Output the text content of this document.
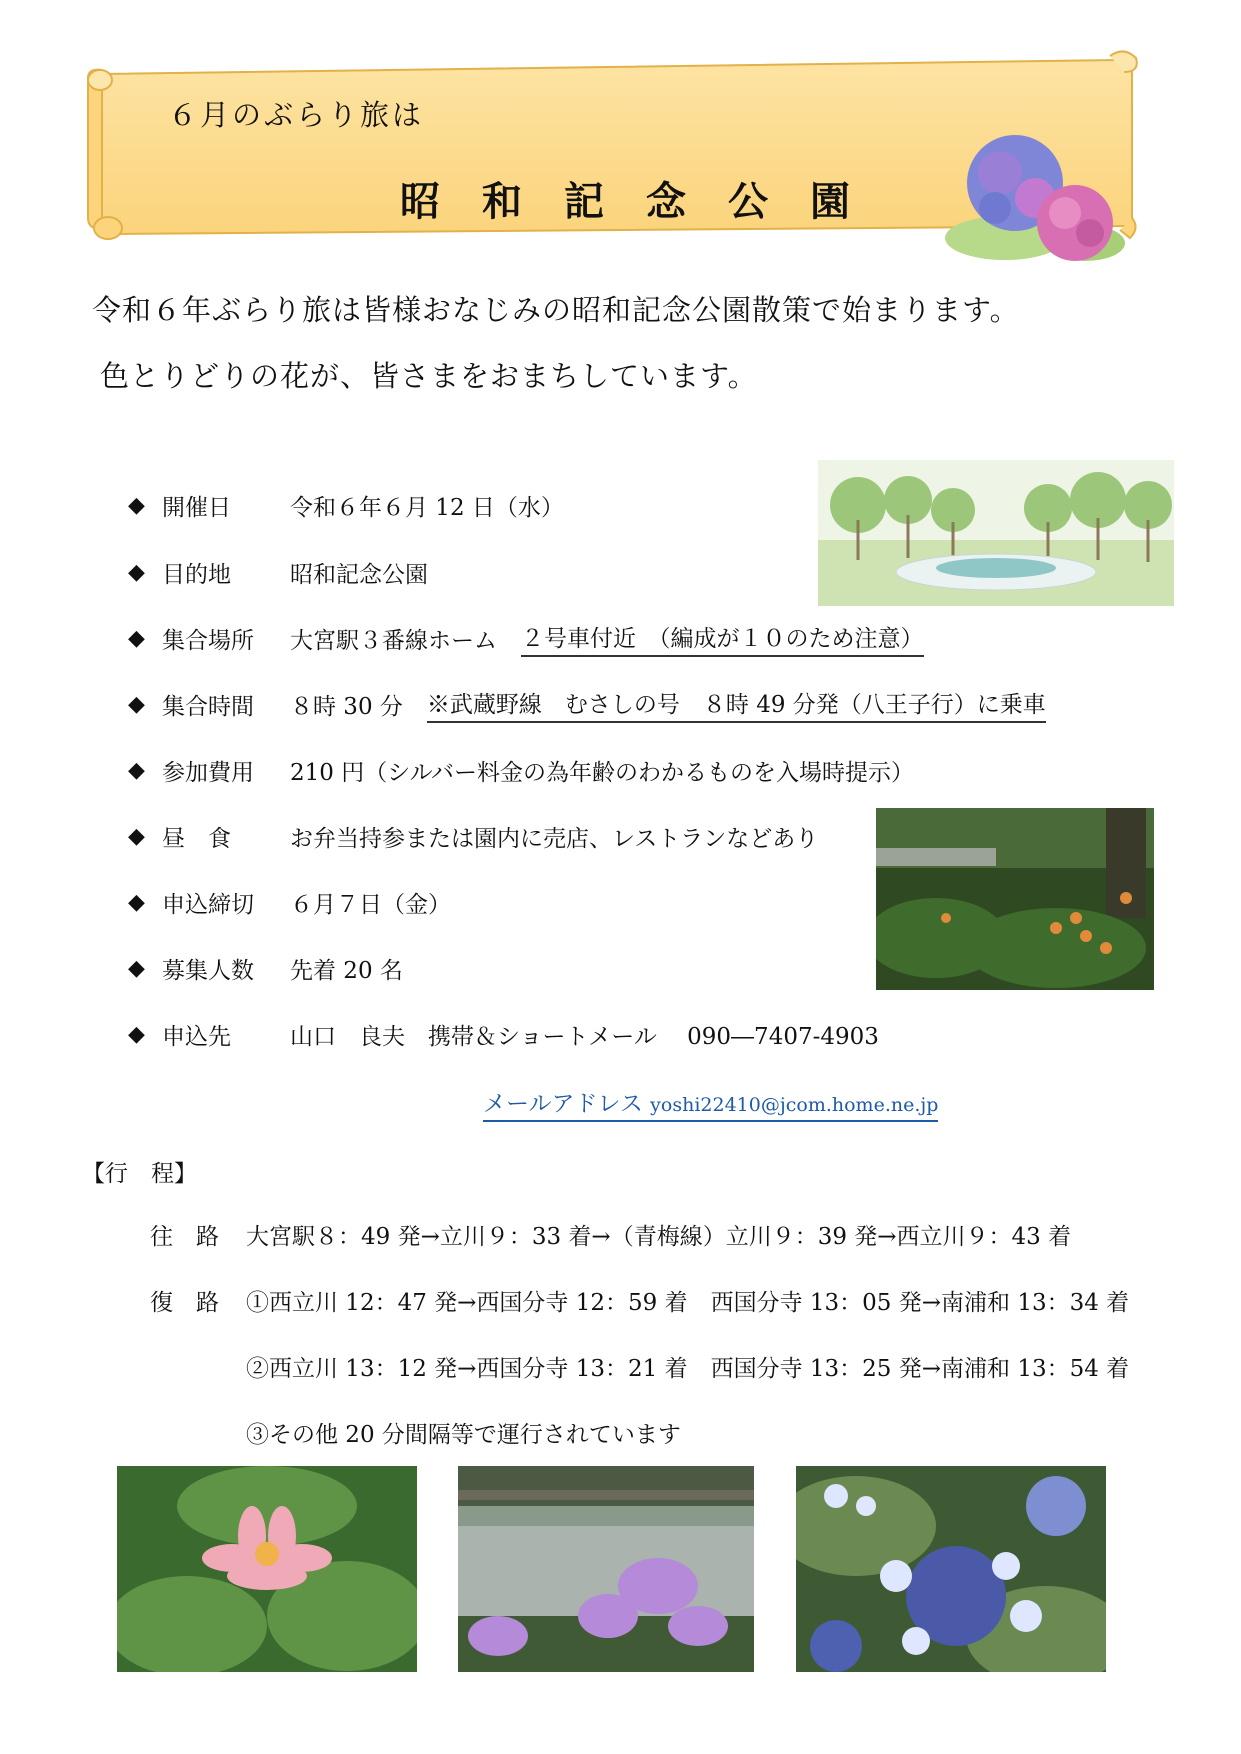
６月のぶらり旅は
昭和記念公園
令和６年ぶらり旅は皆様おなじみの昭和記念公園散策で始まります。
色とりどりの花が、皆さまをおまちしています。
◆ 開催日	令和６年６月 12 日（水）
◆ 目的地	昭和記念公園
◆ 集合場所	大宮駅３番線ホーム ２号車付近　（編成が１０のため注意）
◆ 集合時間	８時 30 分 ※武蔵野線　むさしの号　８時 49 分発（八王子行）に乗車
◆ 参加費用	210 円（シルバー料金の為年齢のわかるものを入場時提示）
◆ 昼　食	お弁当持参または園内に売店、レストランなどあり
◆ 申込締切	６月７日（金）
◆ 募集人数	先着 20 名
◆ 申込先	山口　良夫　携帯＆ショートメール　 090―7407-4903
メールアドレス yoshi22410@jcom.home.ne.jp
【行　程】
往　路 大宮駅８：49 発→立川９：33 着→（青梅線）立川９：39 発→西立川９：43 着
復　路 ①西立川 12：47 発→西国分寺 12：59 着　西国分寺 13：05 発→南浦和 13：34 着
②西立川 13：12 発→西国分寺 13：21 着　西国分寺 13：25 発→南浦和 13：54 着
③その他 20 分間隔等で運行されています
